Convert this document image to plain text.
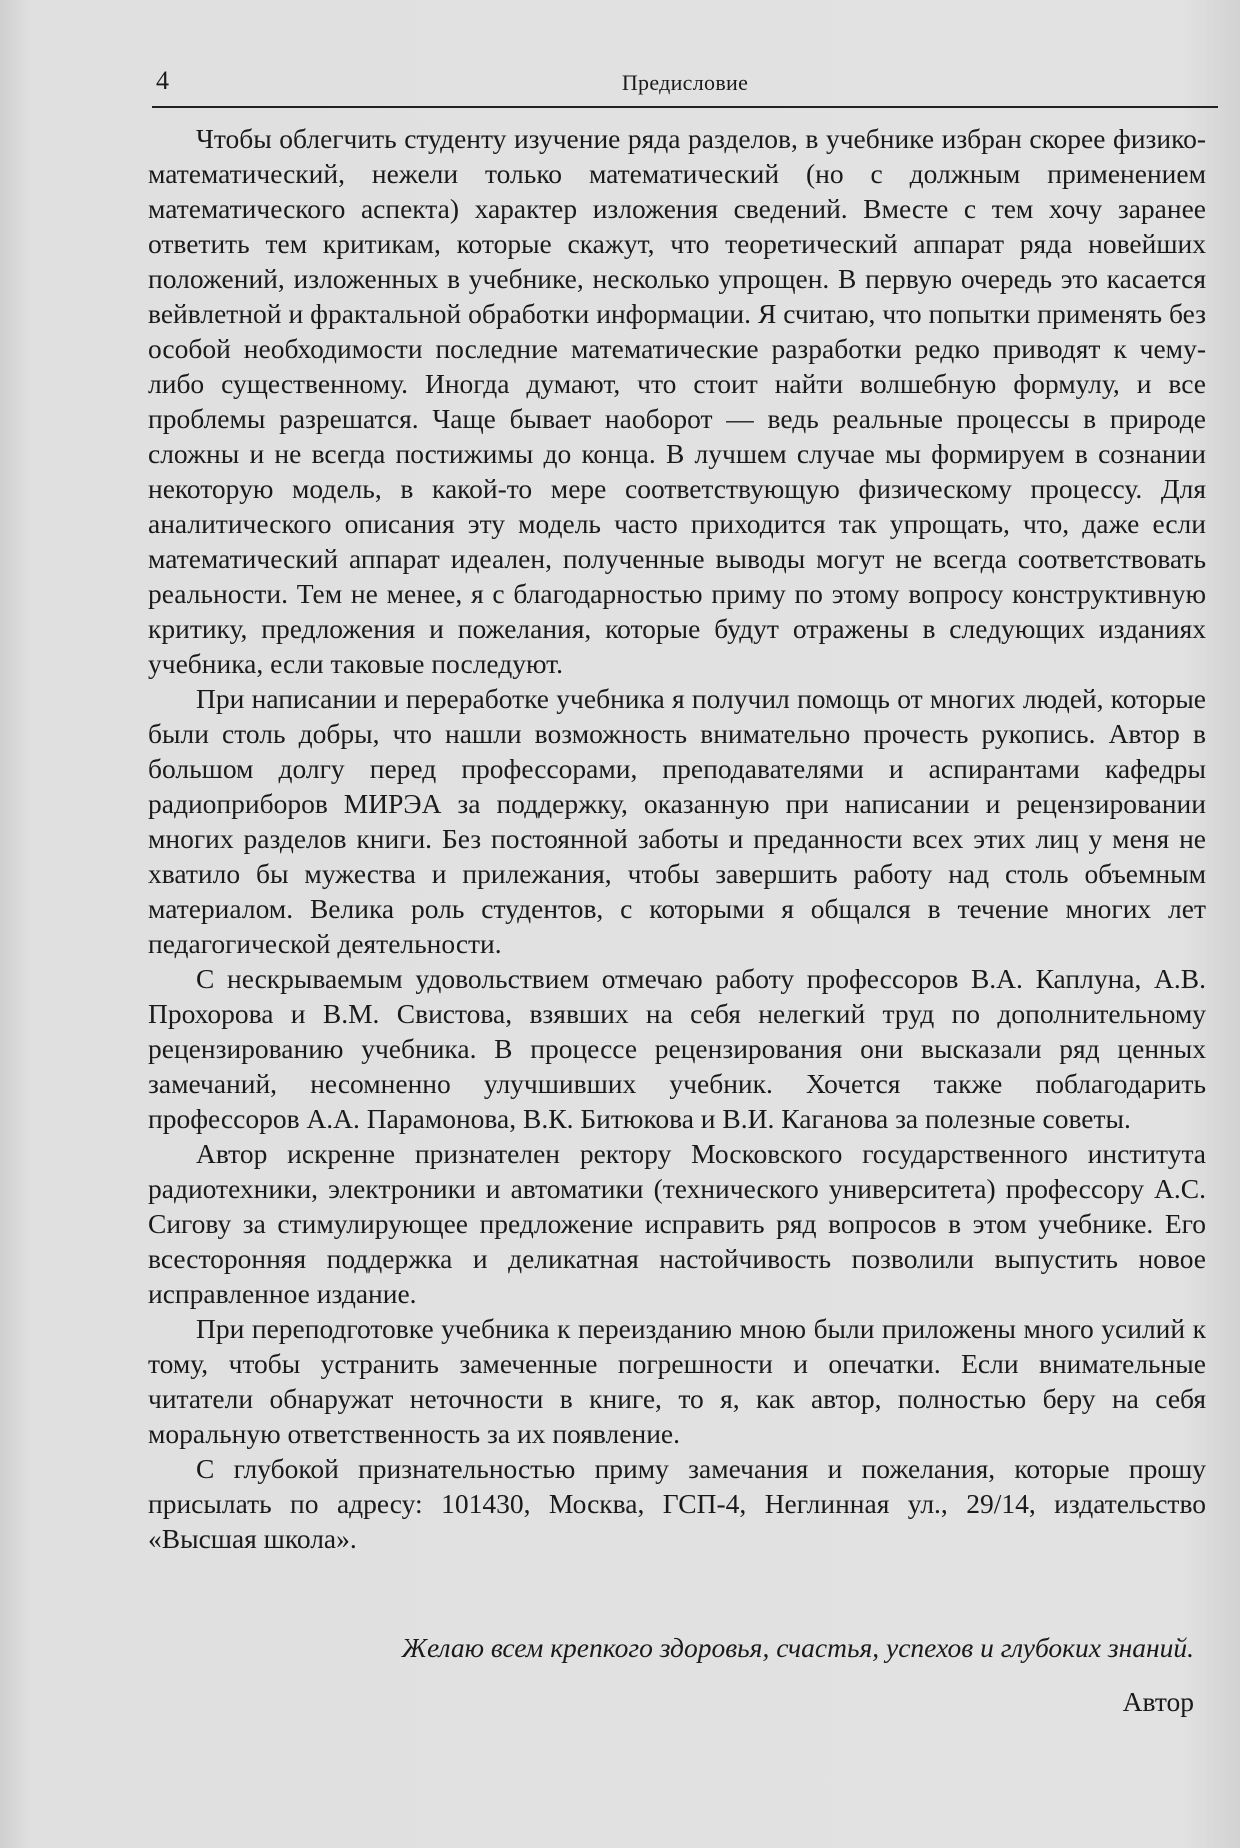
4	Предисловие

Чтобы облегчить студенту изучение ряда разделов, в учебнике избран скорее физико-математический, нежели только математический (но с должным применением математического аспекта) характер изложения сведений. Вместе с тем хочу заранее ответить тем критикам, которые скажут, что теоретический аппарат ряда новейших положений, изложенных в учебнике, несколько упрощен. В первую очередь это касается вейвлетной и фрактальной обработки информации. Я считаю, что попытки применять без особой необходимости последние математические разработки редко приводят к чему-либо существенному. Иногда думают, что стоит найти волшебную формулу, и все проблемы разрешатся. Чаще бывает наоборот — ведь реальные процессы в природе сложны и не всегда постижимы до конца. В лучшем случае мы формируем в сознании некоторую модель, в какой-то мере соответствующую физическому процессу. Для аналитического описания эту модель часто приходится так упрощать, что, даже если математический аппарат идеален, полученные выводы могут не всегда соответствовать реальности. Тем не менее, я с благодарностью приму по этому вопросу конструктивную критику, предложения и пожелания, которые будут отражены в следующих изданиях учебника, если таковые последуют.

При написании и переработке учебника я получил помощь от многих людей, которые были столь добры, что нашли возможность внимательно прочесть рукопись. Автор в большом долгу перед профессорами, преподавателями и аспирантами кафедры радиоприборов МИРЭА за поддержку, оказанную при написании и рецензировании многих разделов книги. Без постоянной заботы и преданности всех этих лиц у меня не хватило бы мужества и прилежания, чтобы завершить работу над столь объемным материалом. Велика роль студентов, с которыми я общался в течение многих лет педагогической деятельности.

С нескрываемым удовольствием отмечаю работу профессоров В.А. Каплуна, А.В. Прохорова и В.М. Свистова, взявших на себя нелегкий труд по дополнительному рецензированию учебника. В процессе рецензирования они высказали ряд ценных замечаний, несомненно улучшивших учебник. Хочется также поблагодарить профессоров А.А. Парамонова, В.К. Битюкова и В.И. Каганова за полезные советы.

Автор искренне признателен ректору Московского государственного института радиотехники, электроники и автоматики (технического университета) профессору А.С. Сигову за стимулирующее предложение исправить ряд вопросов в этом учебнике. Его всесторонняя поддержка и деликатная настойчивость позволили выпустить новое исправленное издание.

При переподготовке учебника к переизданию мною были приложены много усилий к тому, чтобы устранить замеченные погрешности и опечатки. Если внимательные читатели обнаружат неточности в книге, то я, как автор, полностью беру на себя моральную ответственность за их появление.

С глубокой признательностью приму замечания и пожелания, которые прошу присылать по адресу: 101430, Москва, ГСП-4, Неглинная ул., 29/14, издательство «Высшая школа».

Желаю всем крепкого здоровья, счастья, успехов и глубоких знаний.
Автор
